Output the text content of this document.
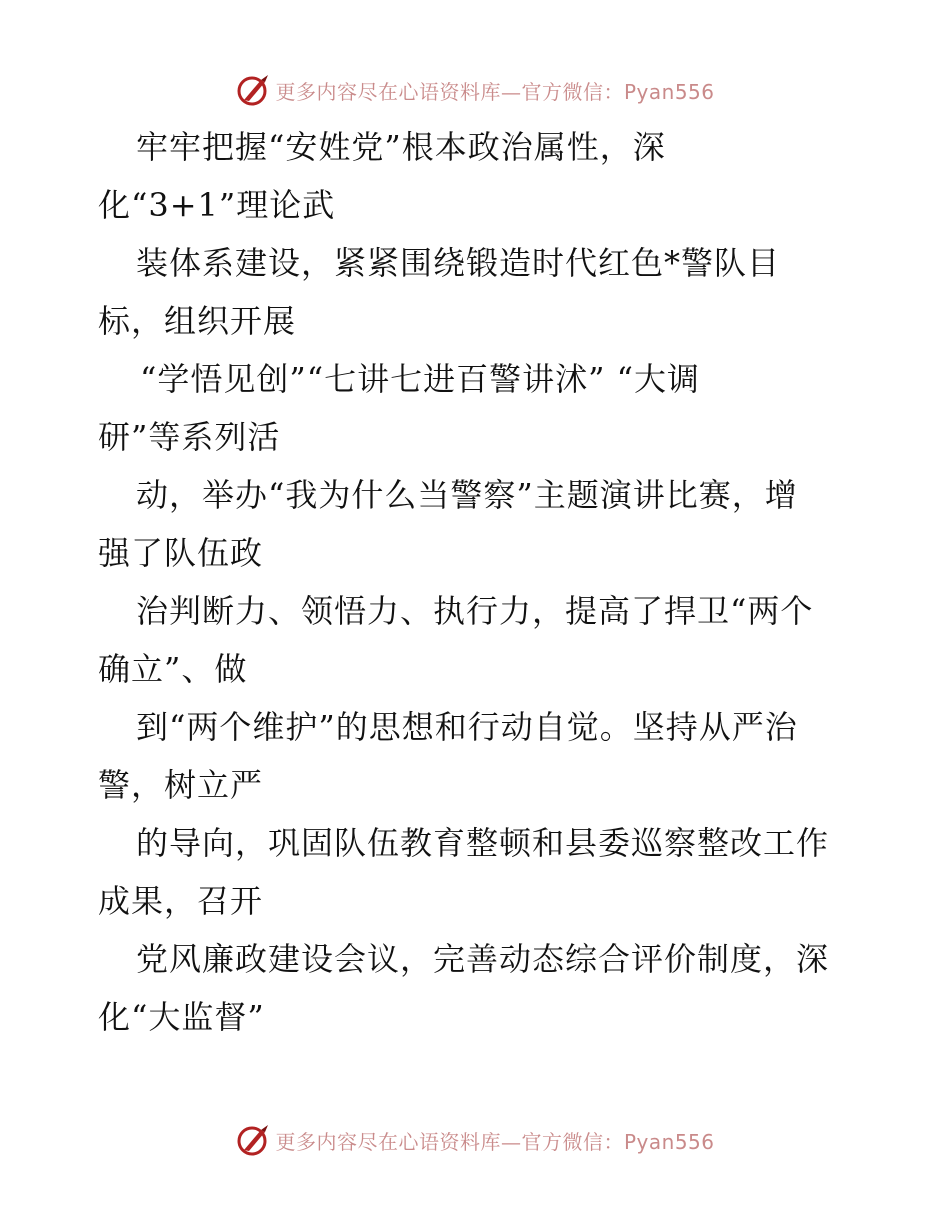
更多内容尽在心语资料库—官方微信：Pyan556
牢牢把握“安姓党”根本政治属性，深
化“3+1”理论武
装体系建设，紧紧围绕锻造时代红色*警队目
标，组织开展
“学悟见创”“七讲七进百警讲沭” “大调
研”等系列活
动，举办“我为什么当警察”主题演讲比赛，增
强了队伍政
治判断力、领悟力、执行力，提高了捍卫“两个
确立”、做
到“两个维护”的思想和行动自觉。坚持从严治
警，树立严
的导向，巩固队伍教育整顿和县委巡察整改工作
成果，召开
党风廉政建设会议，完善动态综合评价制度，深
化“大监督”
更多内容尽在心语资料库—官方微信：Pyan556
